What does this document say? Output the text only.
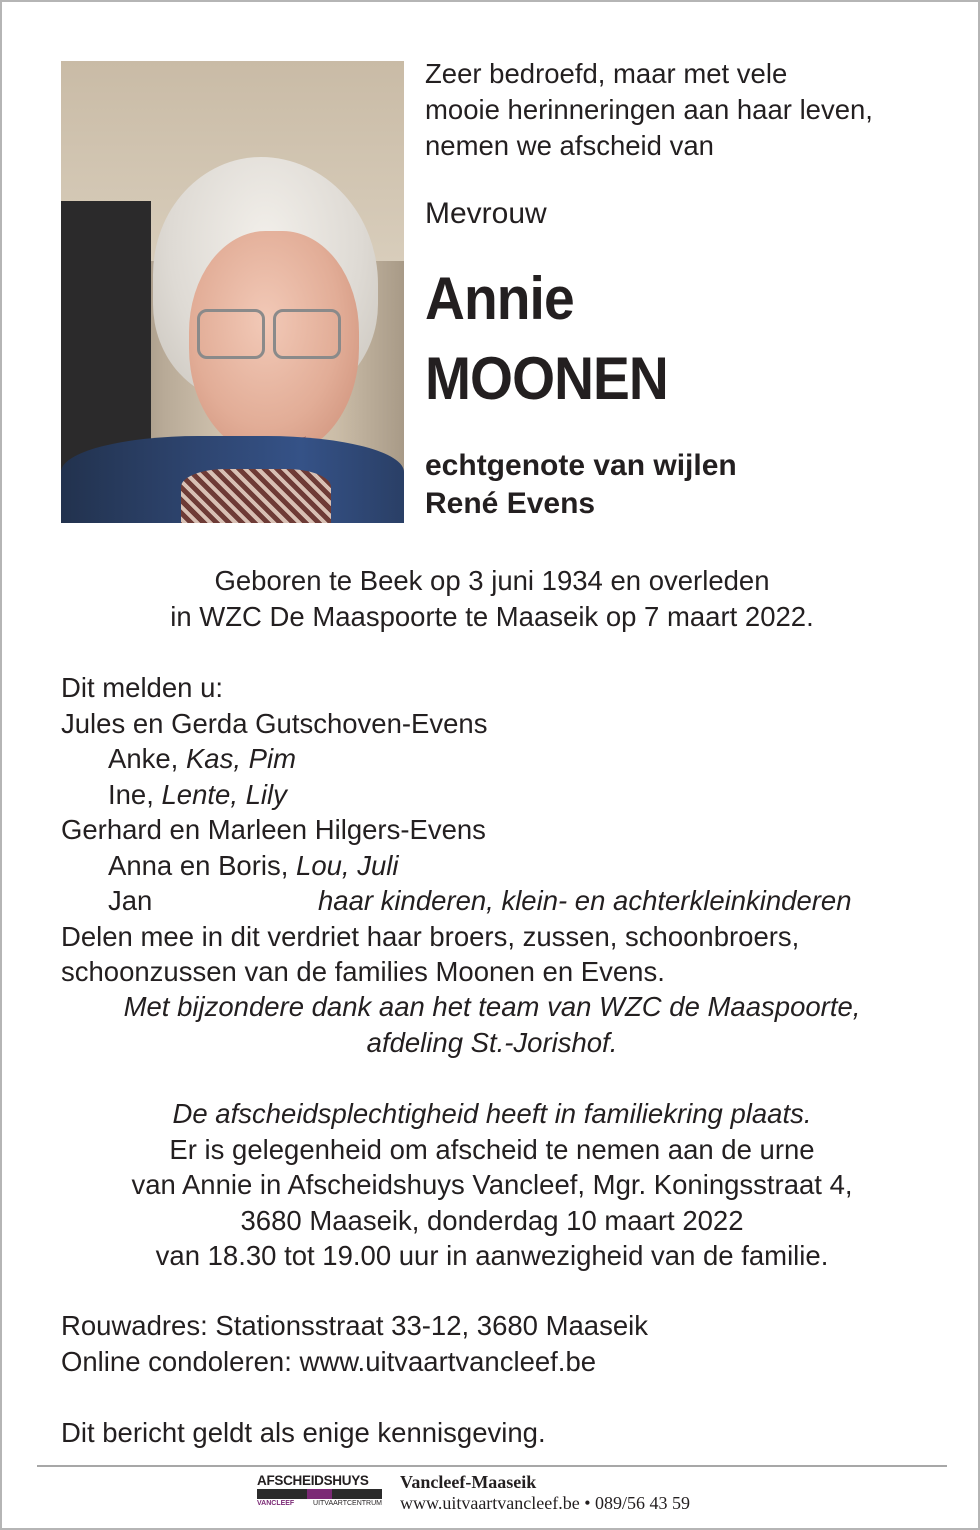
Zeer bedroefd, maar met vele
mooie herinneringen aan haar leven,
nemen we afscheid van
Mevrouw
Annie
MOONEN
echtgenote van wijlen
René Evens
Geboren te Beek op 3 juni 1934 en overleden
in WZC De Maaspoorte te Maaseik op 7 maart 2022.
Dit melden u:
Jules en Gerda Gutschoven-Evens
Anke, Kas, Pim
Ine, Lente, Lily
Gerhard en Marleen Hilgers-Evens
Anna en Boris, Lou, Juli
Jan	haar kinderen, klein- en achterkleinkinderen
Delen mee in dit verdriet haar broers, zussen, schoonbroers,
schoonzussen van de families Moonen en Evens.
Met bijzondere dank aan het team van WZC de Maaspoorte,
afdeling St.-Jorishof.
De afscheidsplechtigheid heeft in familiekring plaats.
Er is gelegenheid om afscheid te nemen aan de urne
van Annie in Afscheidshuys Vancleef, Mgr. Koningsstraat 4,
3680 Maaseik, donderdag 10 maart 2022
van 18.30 tot 19.00 uur in aanwezigheid van de familie.
Rouwadres: Stationsstraat 33-12, 3680 Maaseik
Online condoleren: www.uitvaartvancleef.be
Dit bericht geldt als enige kennisgeving.
AFSCHEIDSHUYS
VANCLEEF	UITVAARTCENTRUM
Vancleef-Maaseik
www.uitvaartvancleef.be • 089/56 43 59
